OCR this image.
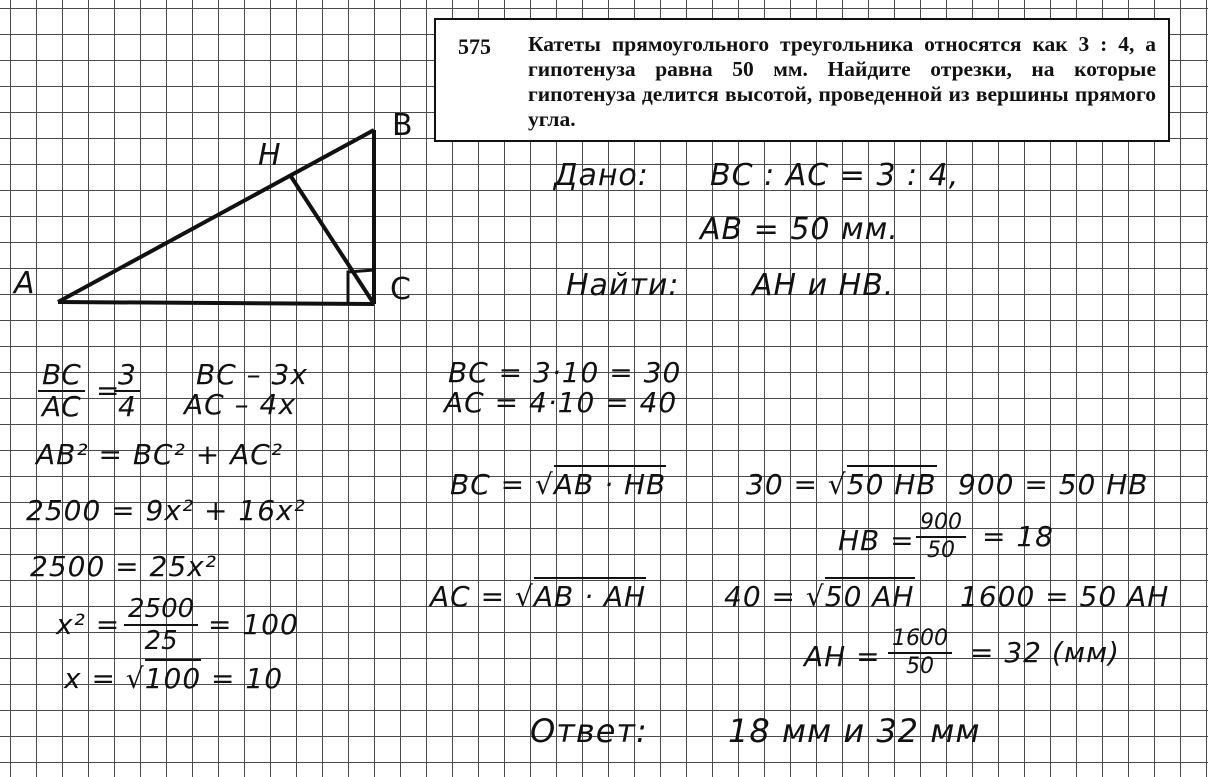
575 Катеты прямоугольного треугольника относятся как 3 : 4, а гипотенуза равна 50 мм. Найдите отрезки, на которые гипотенуза делится высотой, проведенной из вершины прямого угла.
A
B
C
H
Дано: BC : AC = 3 : 4,
AB = 50 мм.
Найти: AH и HB.
$\frac{BC}{AC}$ =
$\frac{3}{4}$ BC – 3x
AC – 4x
AB² = BC² + AC²
2500 = 9x² + 16x²
2500 = 25x²
$x^2 = \frac{2500}{25} = 100$
x = √100 = 10
BC = 3·10 = 30
AC = 4·10 = 40
BC = √AB · HB	30 = √50 HB 900 = 50 HB
HB = $\frac{900}{50} = 18$
AC = √AB · AH	40 = √50 AH 1600 = 50 AH
AH = $\frac{1600}{50} = 32$ (мм)
Ответ:	18 мм и 32 мм
